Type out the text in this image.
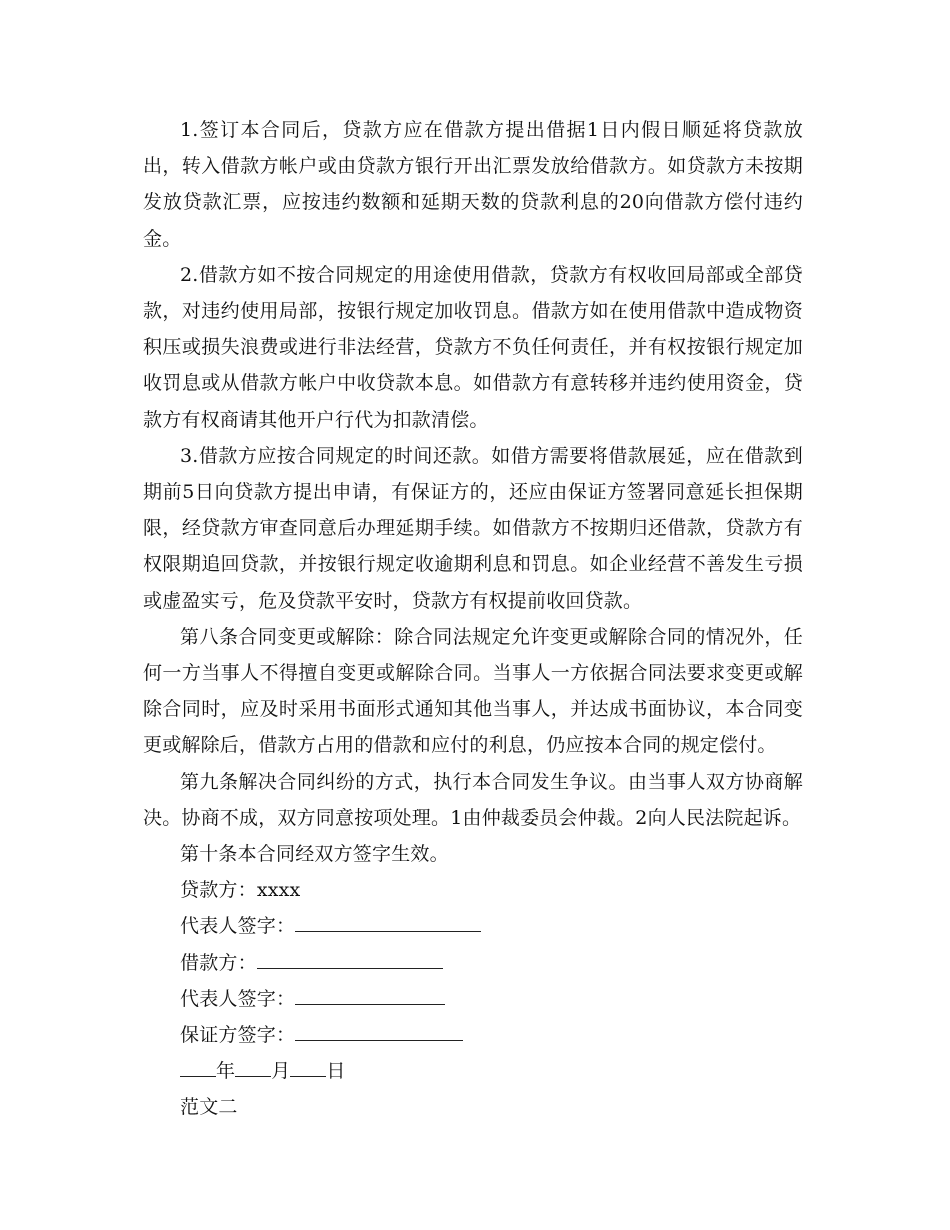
1.签订本合同后，贷款方应在借款方提出借据1日内假日顺延将贷款放出，转入借款方帐户或由贷款方银行开出汇票发放给借款方。如贷款方未按期发放贷款汇票，应按违约数额和延期天数的贷款利息的20向借款方偿付违约金。

2.借款方如不按合同规定的用途使用借款，贷款方有权收回局部或全部贷款，对违约使用局部，按银行规定加收罚息。借款方如在使用借款中造成物资积压或损失浪费或进行非法经营，贷款方不负任何责任，并有权按银行规定加收罚息或从借款方帐户中收贷款本息。如借款方有意转移并违约使用资金，贷款方有权商请其他开户行代为扣款清偿。

3.借款方应按合同规定的时间还款。如借方需要将借款展延，应在借款到期前5日向贷款方提出申请，有保证方的，还应由保证方签署同意延长担保期限，经贷款方审查同意后办理延期手续。如借款方不按期归还借款，贷款方有权限期追回贷款，并按银行规定收逾期利息和罚息。如企业经营不善发生亏损或虚盈实亏，危及贷款平安时，贷款方有权提前收回贷款。

第八条合同变更或解除：除合同法规定允许变更或解除合同的情况外，任何一方当事人不得擅自变更或解除合同。当事人一方依据合同法要求变更或解除合同时，应及时采用书面形式通知其他当事人，并达成书面协议，本合同变更或解除后，借款方占用的借款和应付的利息，仍应按本合同的规定偿付。

第九条解决合同纠纷的方式，执行本合同发生争议。由当事人双方协商解决。协商不成，双方同意按项处理。1由仲裁委员会仲裁。2向人民法院起诉。

第十条本合同经双方签字生效。

贷款方：xxxx

代表人签字：

借款方：

代表人签字：

保证方签字：

年 月 日

范文二
